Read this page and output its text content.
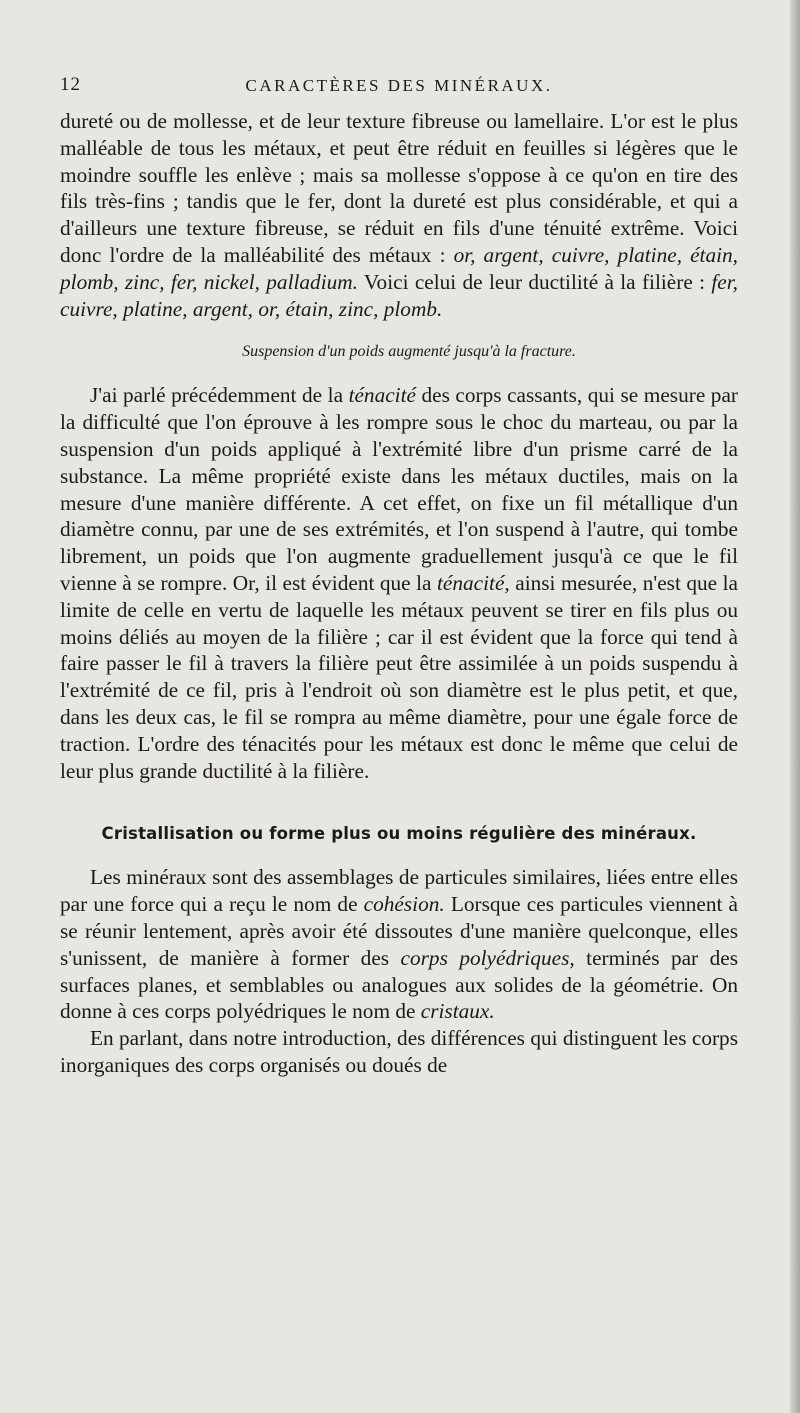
12	CARACTÈRES DES MINÉRAUX.

dureté ou de mollesse, et de leur texture fibreuse ou lamellaire. L'or est le plus malléable de tous les métaux, et peut être réduit en feuilles si légères que le moindre souffle les enlève ; mais sa mollesse s'oppose à ce qu'on en tire des fils très-fins ; tandis que le fer, dont la dureté est plus considérable, et qui a d'ailleurs une texture fibreuse, se réduit en fils d'une ténuité extrême. Voici donc l'ordre de la malléabilité des métaux : or, argent, cuivre, platine, étain, plomb, zinc, fer, nickel, palladium. Voici celui de leur ductilité à la filière : fer, cuivre, platine, argent, or, étain, zinc, plomb.

Suspension d'un poids augmenté jusqu'à la fracture.

J'ai parlé précédemment de la ténacité des corps cassants, qui se mesure par la difficulté que l'on éprouve à les rompre sous le choc du marteau, ou par la suspension d'un poids appliqué à l'extrémité libre d'un prisme carré de la substance. La même propriété existe dans les métaux ductiles, mais on la mesure d'une manière différente. A cet effet, on fixe un fil métallique d'un diamètre connu, par une de ses extrémités, et l'on suspend à l'autre, qui tombe librement, un poids que l'on augmente graduellement jusqu'à ce que le fil vienne à se rompre. Or, il est évident que la ténacité, ainsi mesurée, n'est que la limite de celle en vertu de laquelle les métaux peuvent se tirer en fils plus ou moins déliés au moyen de la filière ; car il est évident que la force qui tend à faire passer le fil à travers la filière peut être assimilée à un poids suspendu à l'extrémité de ce fil, pris à l'endroit où son diamètre est le plus petit, et que, dans les deux cas, le fil se rompra au même diamètre, pour une égale force de traction. L'ordre des ténacités pour les métaux est donc le même que celui de leur plus grande ductilité à la filière.

Cristallisation ou forme plus ou moins régulière des minéraux.

Les minéraux sont des assemblages de particules similaires, liées entre elles par une force qui a reçu le nom de cohésion. Lorsque ces particules viennent à se réunir lentement, après avoir été dissoutes d'une manière quelconque, elles s'unissent, de manière à former des corps polyédriques, terminés par des surfaces planes, et semblables ou analogues aux solides de la géométrie. On donne à ces corps polyédriques le nom de cristaux.

En parlant, dans notre introduction, des différences qui distinguent les corps inorganiques des corps organisés ou doués de
